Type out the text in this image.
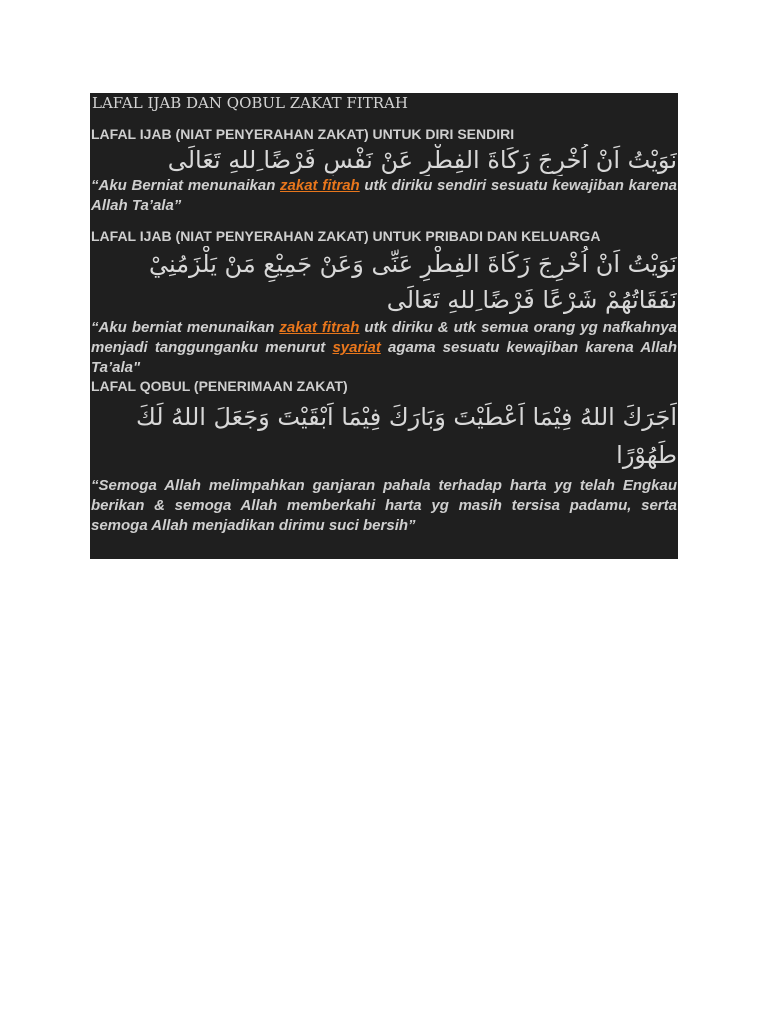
LAFAL IJAB DAN QOBUL ZAKAT FITRAH
LAFAL IJAB (NIAT PENYERAHAN ZAKAT) UNTUK DIRI SENDIRI
نَوَيْتُ اَنْ اُخْرِجَ زَكَاةَ الفِطْرِ عَنْ نَفْسِ فَرْضًا ِللهِ تَعَالَى
“Aku Berniat menunaikan zakat fitrah utk diriku sendiri sesuatu kewajiban karena Allah Ta’ala”
LAFAL IJAB (NIAT PENYERAHAN ZAKAT) UNTUK PRIBADI DAN KELUARGA
نَوَيْتُ اَنْ اُخْرِجَ زَكَاةَ الفِطْرِ عَنِّى وَعَنْ جَمِيْعِ مَنْ يَلْزَمُنِيْ
نَفَقَاتُهُمْ شَرْعًا فَرْضًا ِللهِ تَعَالَى
“Aku berniat menunaikan zakat fitrah utk diriku & utk semua orang yg nafkahnya menjadi tanggunganku menurut syariat agama sesuatu kewajiban karena Allah Ta’ala"
LAFAL QOBUL (PENERIMAAN ZAKAT)
اَجَرَكَ اللهُ فِيْمَا اَعْطَيْتَ وَبَارَكَ فِيْمَا اَبْقَيْتَ وَجَعَلَ اللهُ لَكَ
طَهُوْرًا
“Semoga Allah melimpahkan ganjaran pahala terhadap harta yg telah Engkau berikan & semoga Allah memberkahi harta yg masih tersisa padamu, serta semoga Allah menjadikan dirimu suci bersih”
